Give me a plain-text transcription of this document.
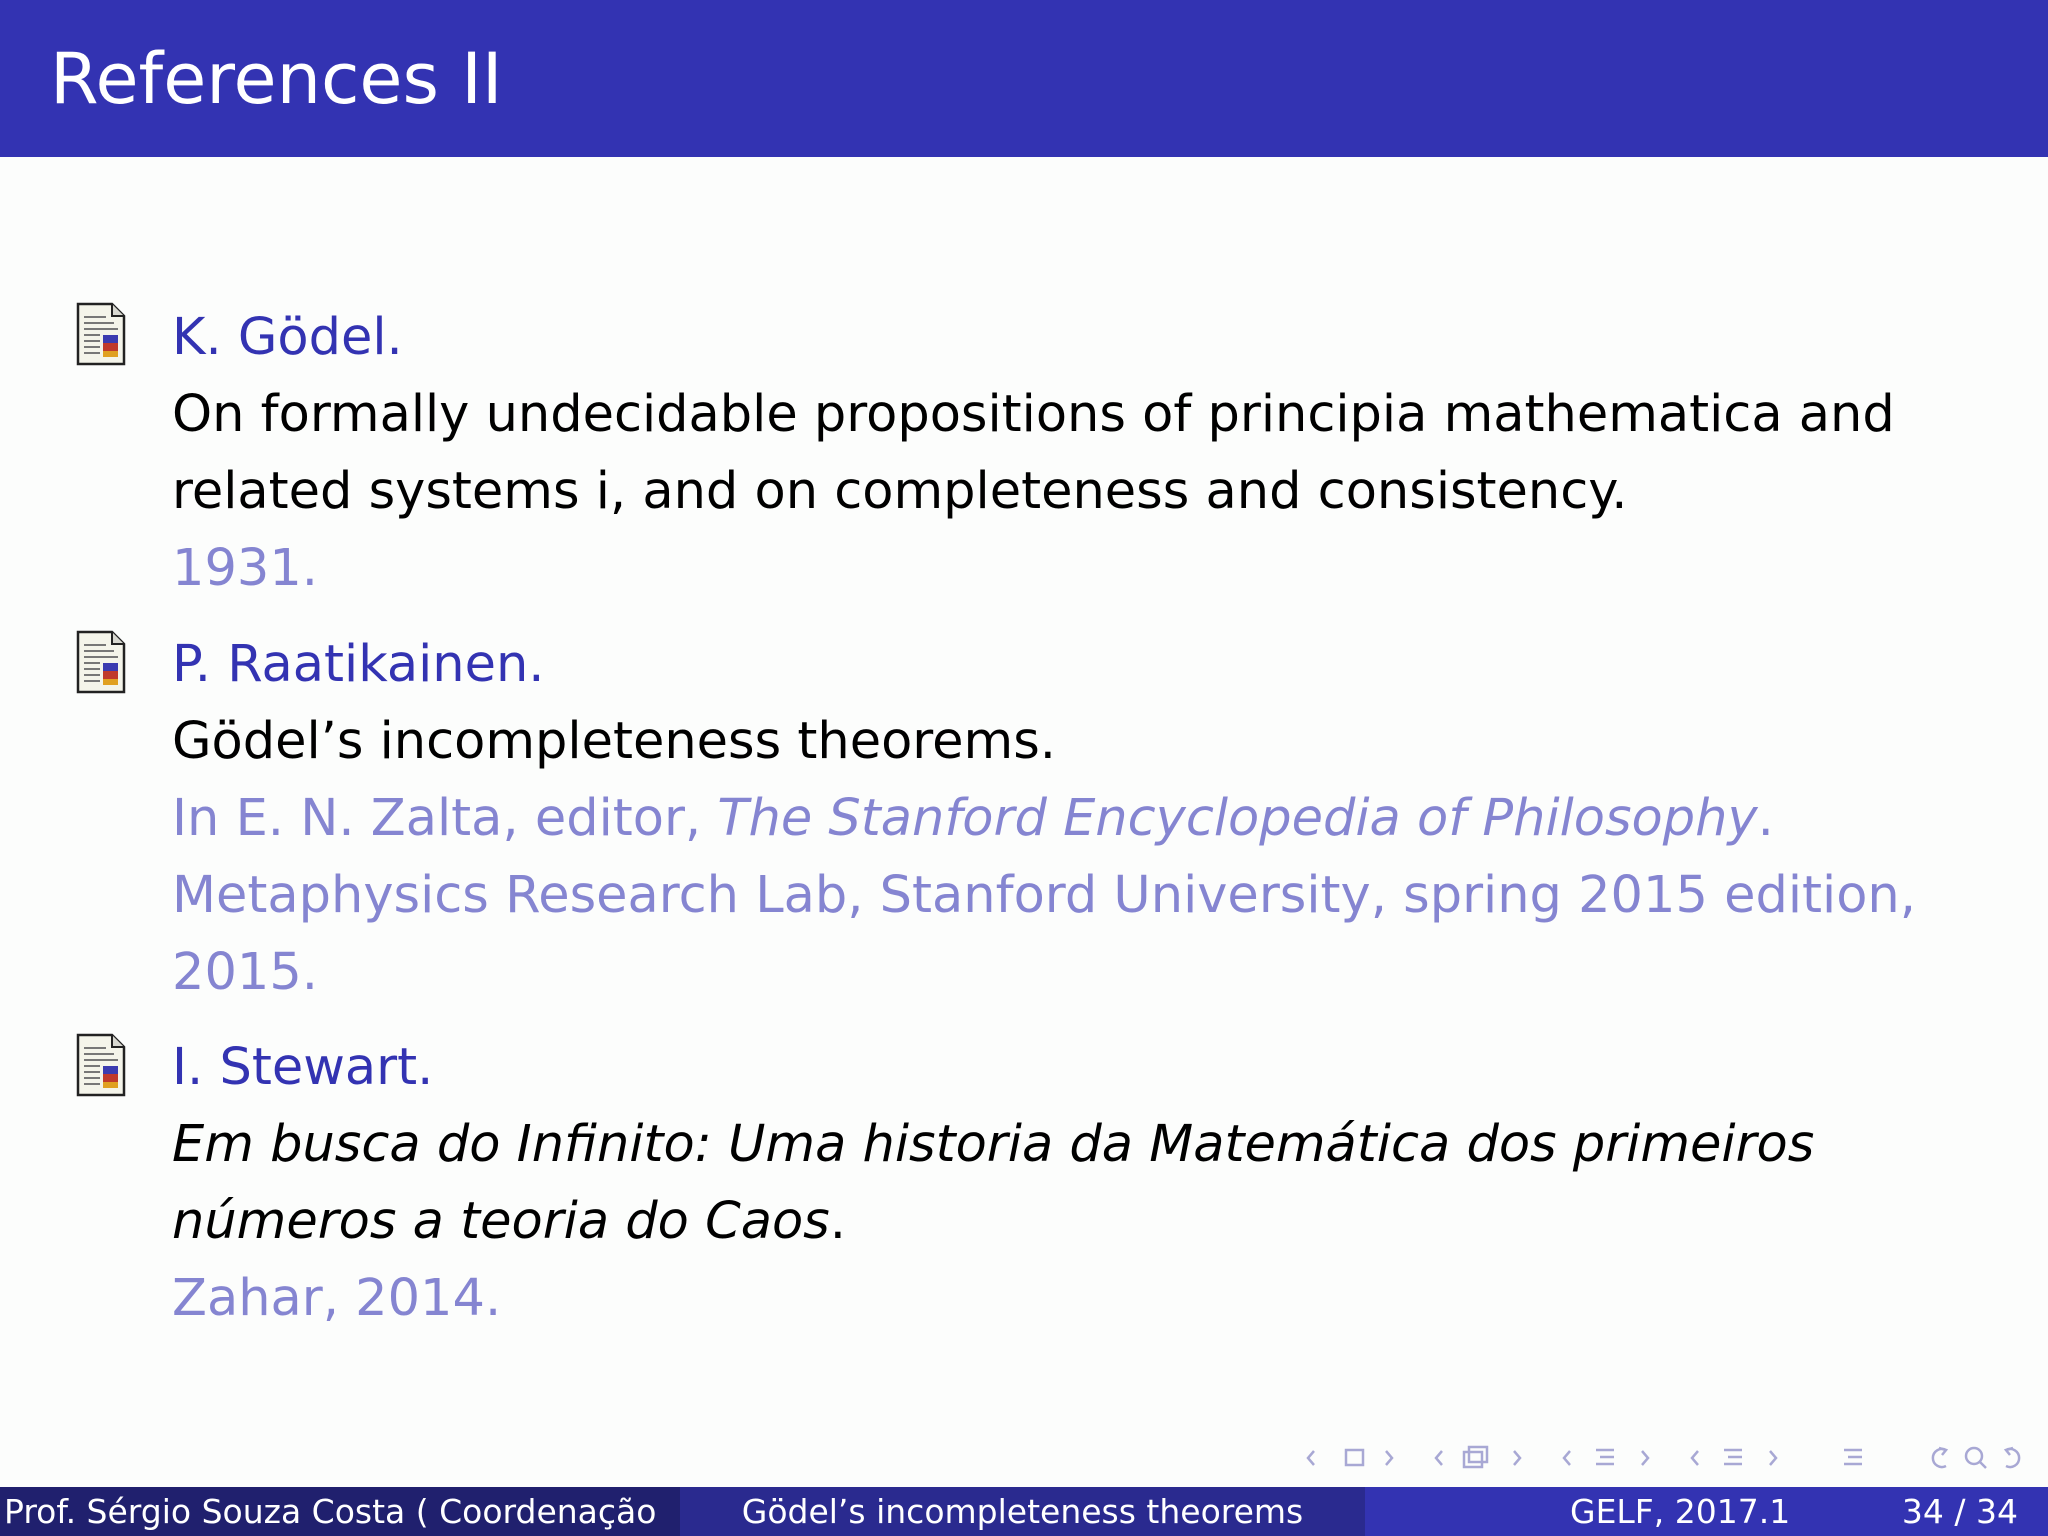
References II
K. Gödel.
On formally undecidable propositions of principia mathematica and
related systems i, and on completeness and consistency.
1931.
P. Raatikainen.
Gödel’s incompleteness theorems.
In E. N. Zalta, editor, The Stanford Encyclopedia of Philosophy.
Metaphysics Research Lab, Stanford University, spring 2015 edition,
2015.
I. Stewart.
Em busca do Infinito: Uma historia da Matemática dos primeiros
números a teoria do Caos.
Zahar, 2014.
Prof. Sérgio Souza Costa ( Coordenação	Gödel’s incompleteness theorems	GELF, 2017.1	34 / 34
